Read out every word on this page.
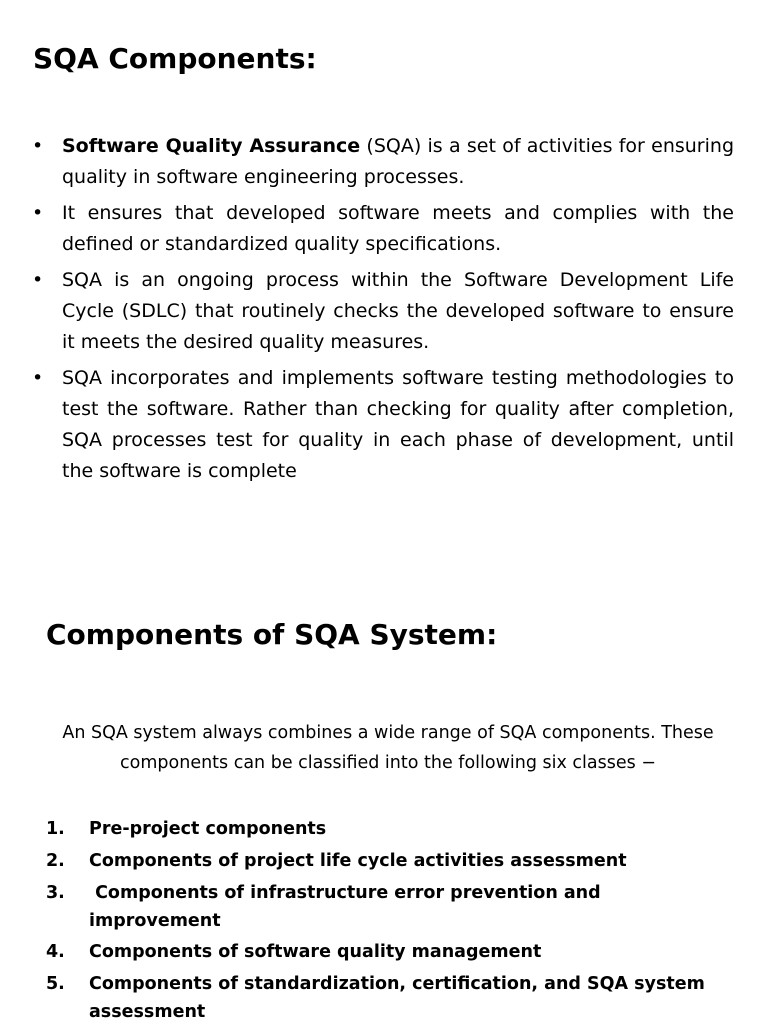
SQA Components:
• Software Quality Assurance (SQA) is a set of activities for ensuring quality in software engineering processes.
• It ensures that developed software meets and complies with the defined or standardized quality specifications.
• SQA is an ongoing process within the Software Development Life Cycle (SDLC) that routinely checks the developed software to ensure it meets the desired quality measures.
• SQA incorporates and implements software testing methodologies to test the software. Rather than checking for quality after completion, SQA processes test for quality in each phase of development, until the software is complete
Components of SQA System:

An SQA system always combines a wide range of SQA components. These components can be classified into the following six classes −

1. Pre-project components
2. Components of project life cycle activities assessment
3. Components of infrastructure error prevention and improvement
4. Components of software quality management
5. Components of standardization, certification, and SQA system assessment
